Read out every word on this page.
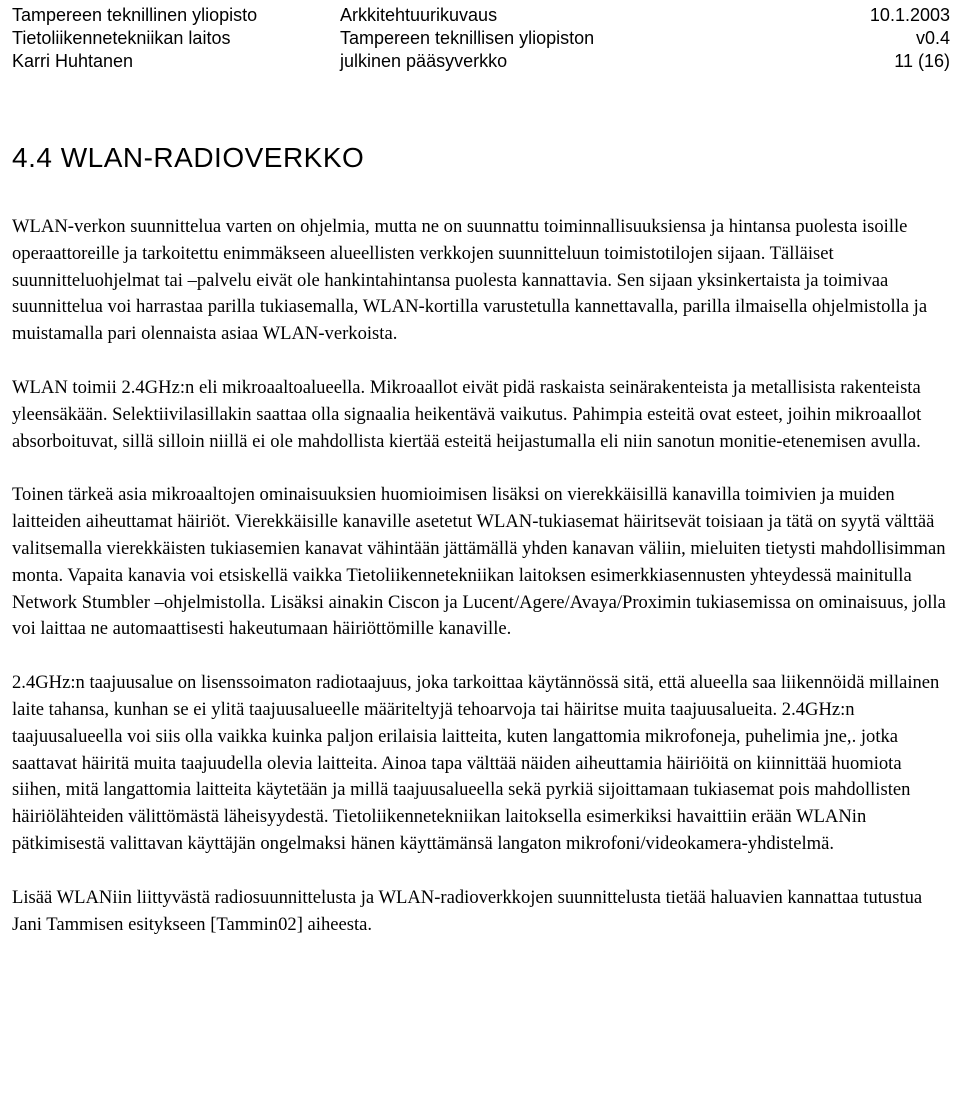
Tampereen teknillinen yliopisto
Tietoliikennetekniikan laitos
Karri Huhtanen
Arkkitehtuurikuvaus
Tampereen teknillisen yliopiston
julkinen pääsyverkko
10.1.2003
v0.4
11 (16)
4.4 WLAN-RADIOVERKKO

WLAN-verkon suunnittelua varten on ohjelmia, mutta ne on suunnattu toiminnallisuuksiensa ja hintansa puolesta isoille operaattoreille ja tarkoitettu enimmäkseen alueellisten verkkojen suunnitteluun toimistotilojen sijaan. Tälläiset suunnitteluohjelmat tai –palvelu eivät ole hankintahintansa puolesta kannattavia. Sen sijaan yksinkertaista ja toimivaa suunnittelua voi harrastaa parilla tukiasemalla, WLAN-kortilla varustetulla kannettavalla, parilla ilmaisella ohjelmistolla ja muistamalla pari olennaista asiaa WLAN-verkoista.

WLAN toimii 2.4GHz:n eli mikroaaltoalueella. Mikroaallot eivät pidä raskaista seinärakenteista ja metallisista rakenteista yleensäkään. Selektiivilasillakin saattaa olla signaalia heikentävä vaikutus. Pahimpia esteitä ovat esteet, joihin mikroaallot absorboituvat, sillä silloin niillä ei ole mahdollista kiertää esteitä heijastumalla eli niin sanotun monitie-etenemisen avulla.

Toinen tärkeä asia mikroaaltojen ominaisuuksien huomioimisen lisäksi on vierekkäisillä kanavilla toimivien ja muiden laitteiden aiheuttamat häiriöt. Vierekkäisille kanaville asetetut WLAN-tukiasemat häiritsevät toisiaan ja tätä on syytä välttää valitsemalla vierekkäisten tukiasemien kanavat vähintään jättämällä yhden kanavan väliin, mieluiten tietysti mahdollisimman monta. Vapaita kanavia voi etsiskellä vaikka Tietoliikennetekniikan laitoksen esimerkkiasennusten yhteydessä mainitulla Network Stumbler –ohjelmistolla. Lisäksi ainakin Ciscon ja Lucent/Agere/Avaya/Proximin tukiasemissa on ominaisuus, jolla voi laittaa ne automaattisesti hakeutumaan häiriöttömille kanaville.

2.4GHz:n taajuusalue on lisenssoimaton radiotaajuus, joka tarkoittaa käytännössä sitä, että alueella saa liikennöidä millainen laite tahansa, kunhan se ei ylitä taajuusalueelle määriteltyjä tehoarvoja tai häiritse muita taajuusalueita. 2.4GHz:n taajuusalueella voi siis olla vaikka kuinka paljon erilaisia laitteita, kuten langattomia mikrofoneja, puhelimia jne,. jotka saattavat häiritä muita taajuudella olevia laitteita. Ainoa tapa välttää näiden aiheuttamia häiriöitä on kiinnittää huomiota siihen, mitä langattomia laitteita käytetään ja millä taajuusalueella sekä pyrkiä sijoittamaan tukiasemat pois mahdollisten häiriölähteiden välittömästä läheisyydestä. Tietoliikennetekniikan laitoksella esimerkiksi havaittiin erään WLANin pätkimisestä valittavan käyttäjän ongelmaksi hänen käyttämänsä langaton mikrofoni/videokamera-yhdistelmä.

Lisää WLANiin liittyvästä radiosuunnittelusta ja WLAN-radioverkkojen suunnittelusta tietää haluavien kannattaa tutustua Jani Tammisen esitykseen [Tammin02] aiheesta.
